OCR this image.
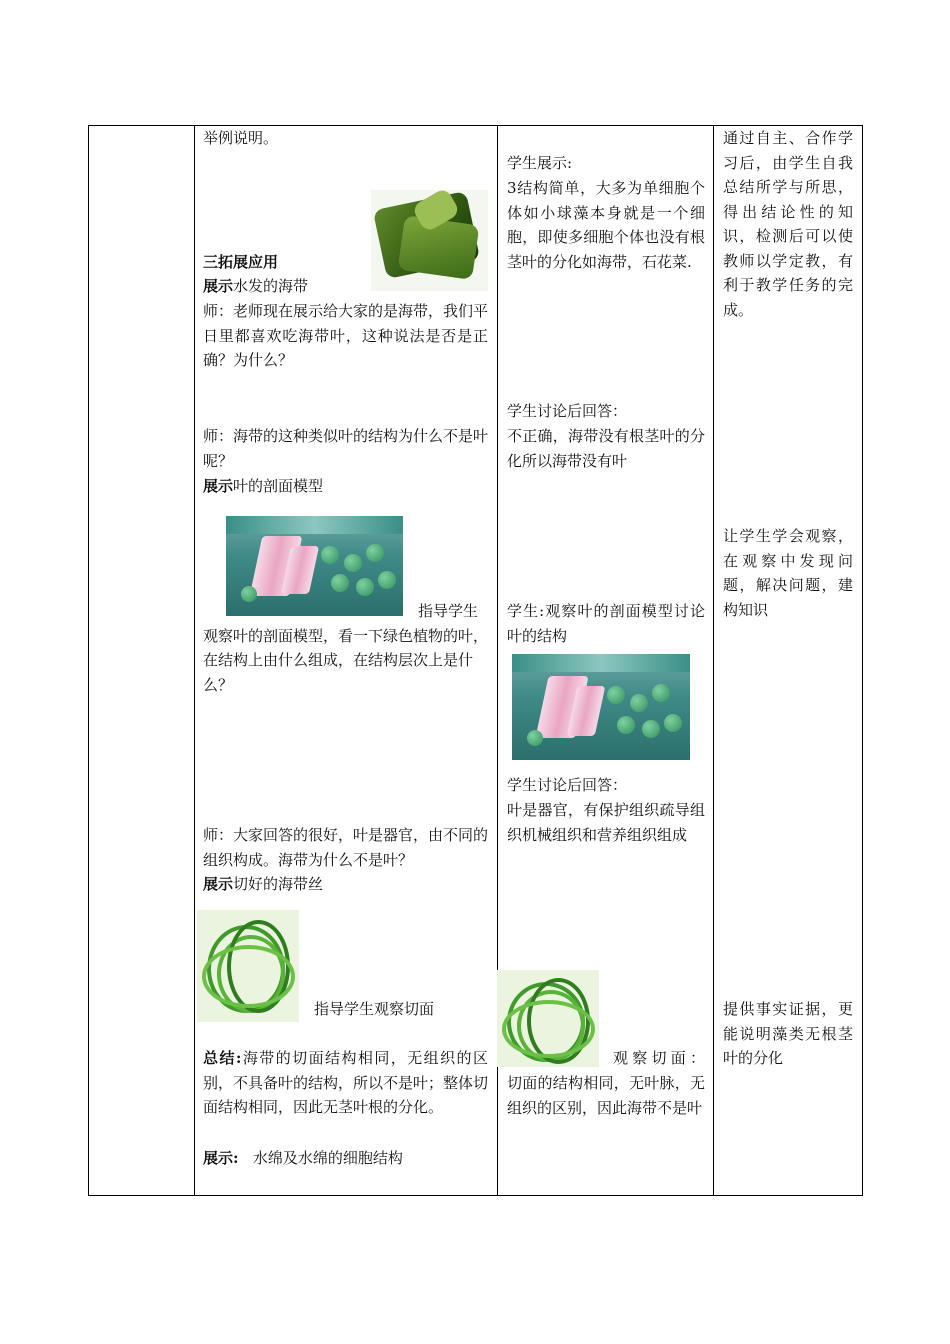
举例说明。
三拓展应用
展示水发的海带
师：老师现在展示给大家的是海带，我们平日里都喜欢吃海带叶，这种说法是否是正确？为什么？
师：海带的这种类似叶的结构为什么不是叶呢？
展示叶的剖面模型
指导学生观察叶的剖面模型，看一下绿色植物的叶，在结构上由什么组成，在结构层次上是什么？
师：大家回答的很好，叶是器官，由不同的组织构成。海带为什么不是叶？
展示切好的海带丝
指导学生观察切面
总结:海带的切面结构相同，无组织的区别，不具备叶的结构，所以不是叶；整体切面结构相同，因此无茎叶根的分化。
展示: 水绵及水绵的细胞结构
学生展示:
3结构简单，大多为单细胞个体如小球藻本身就是一个细胞，即使多细胞个体也没有根茎叶的分化如海带，石花菜.
学生讨论后回答：
不正确，海带没有根茎叶的分化所以海带没有叶
学生:观察叶的剖面模型讨论叶的结构
学生讨论后回答：
叶是器官，有保护组织疏导组织机械组织和营养组织组成
观察切面：
切面的结构相同，无叶脉，无组织的区别，因此海带不是叶
通过自主、合作学习后，由学生自我总结所学与所思，得出结论性的知识，检测后可以使教师以学定教，有利于教学任务的完成。
让学生学会观察，在观察中发现问题，解决问题，建构知识
提供事实证据，更能说明藻类无根茎叶的分化
